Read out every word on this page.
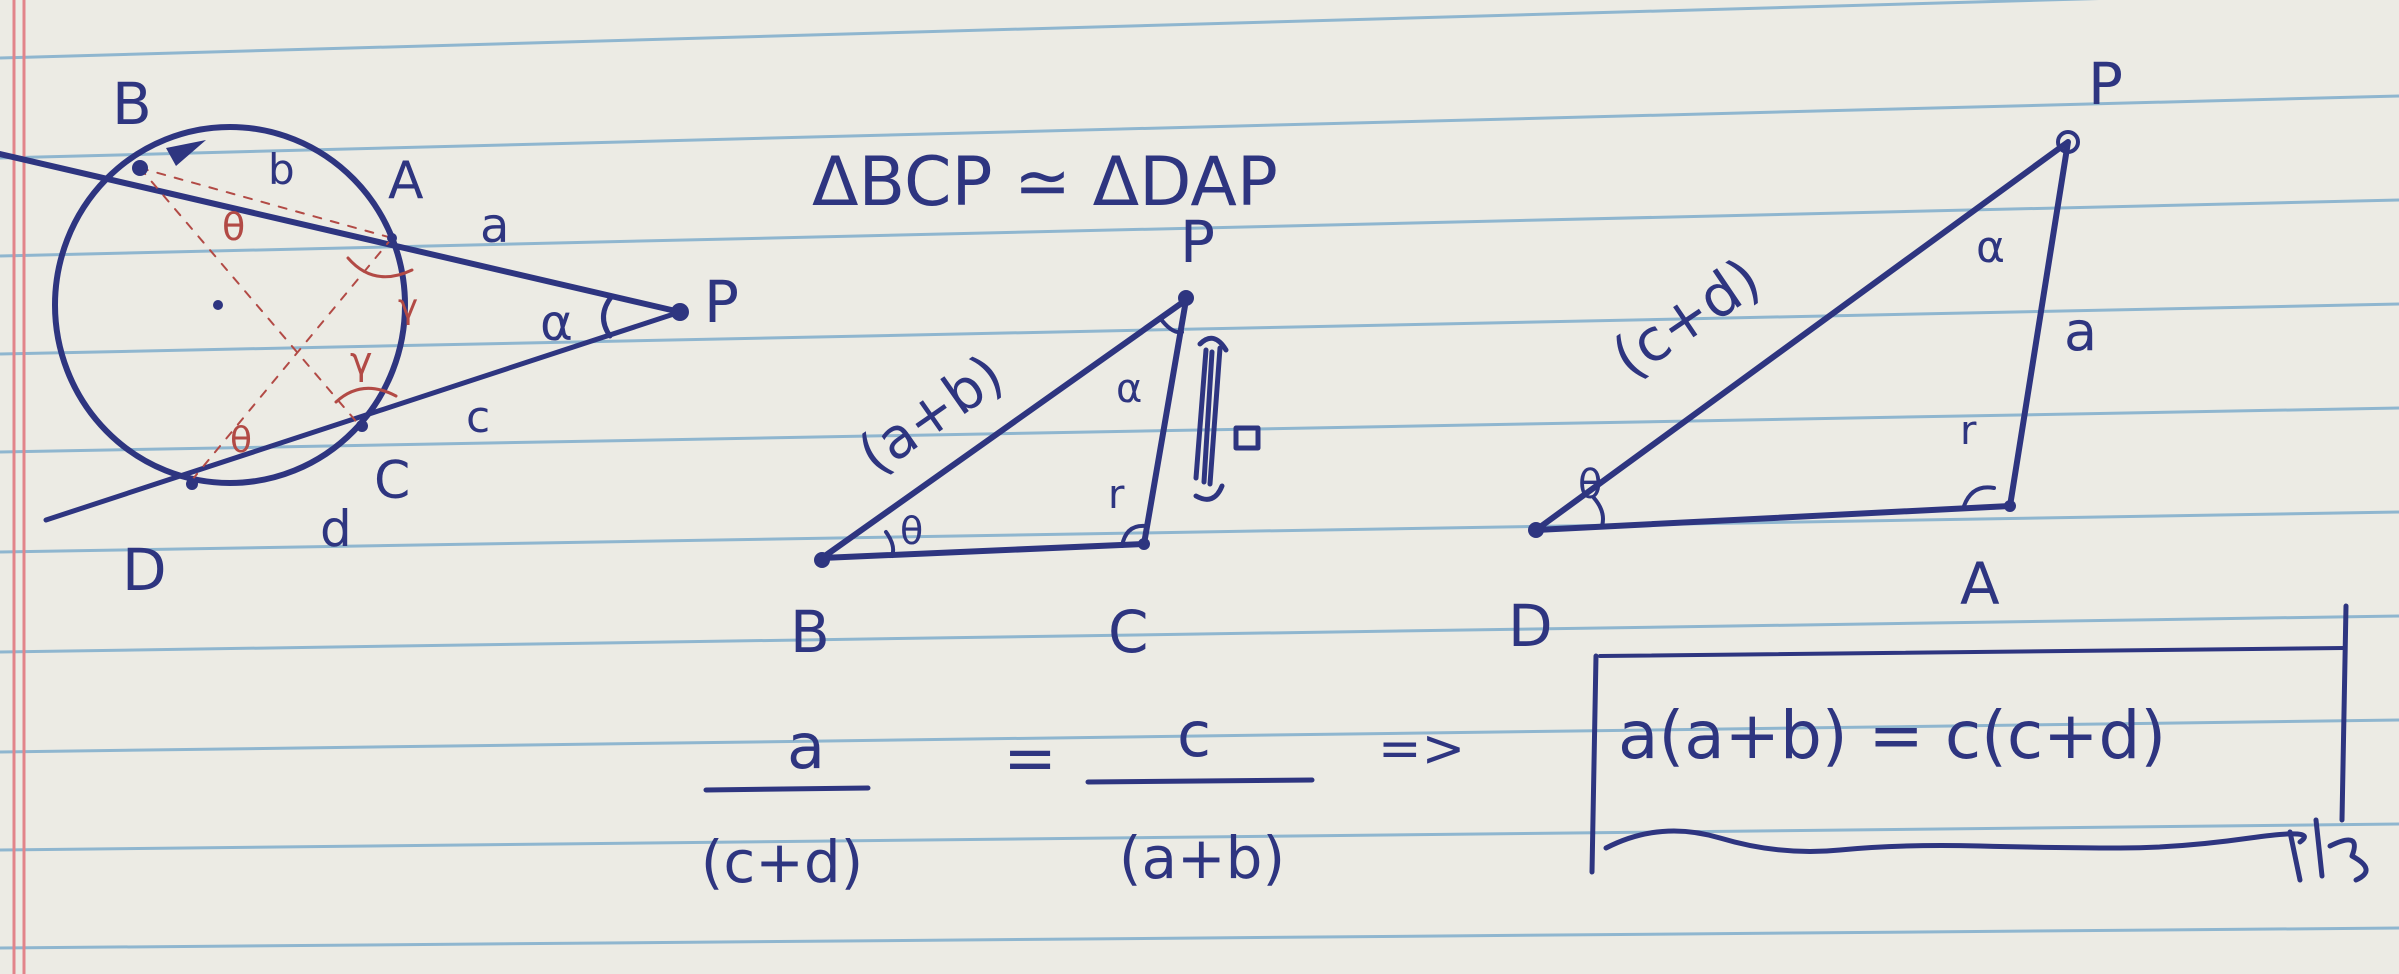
B
A
P
C
D
b
a
c
d
α
θ
γ
γ
θ
ΔBCP ≃ ΔDAP
P
B	C
(a+b)	α
θ
r
P
D
A
(c+d)	a
α
θ
r
a
(c+d)
= c
(a+b)
=> a(a+b) = c(c+d)
